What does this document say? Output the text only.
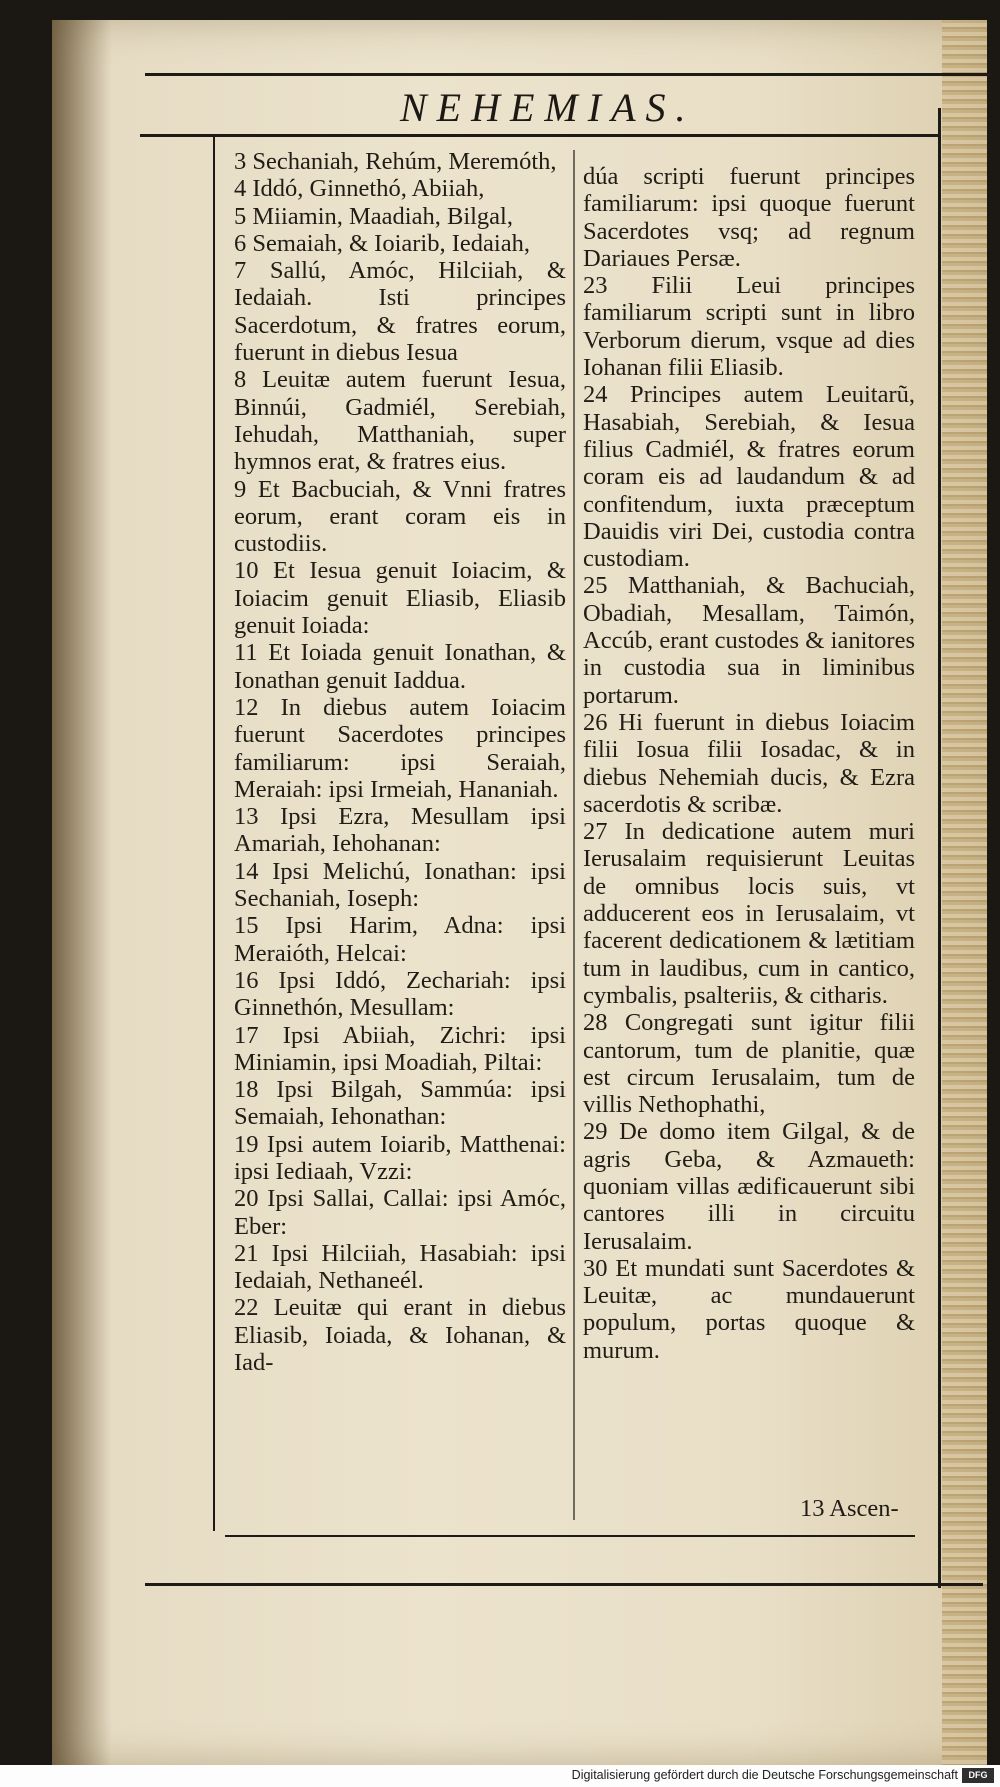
NEHEMIAS.

3 Sechaniah, Rehúm, Meremóth,

4 Iddó, Ginnethó, Abiiah,

5 Miiamin, Maadiah, Bilgal,

6 Semaiah, & Ioiarib, Iedaiah,

7 Sallú, Amóc, Hilciiah, & Iedaiah. Isti principes Sacerdotum, & fratres eorum, fuerunt in diebus Iesua

8 Leuitæ autem fuerunt Iesua, Binnúi, Gadmiél, Serebiah, Iehudah, Matthaniah, super hymnos erat, & fratres eius.

9 Et Bacbuciah, & Vnni fratres eorum, erant coram eis in custodiis.

10 Et Iesua genuit Ioiacim, & Ioiacim genuit Eliasib, Eliasib genuit Ioiada:

11 Et Ioiada genuit Ionathan, & Ionathan genuit Iaddua.

12 In diebus autem Ioiacim fuerunt Sacerdotes principes familiarum: ipsi Seraiah, Meraiah: ipsi Irmeiah, Hananiah.

13 Ipsi Ezra, Mesullam ipsi Amariah, Iehohanan:

14 Ipsi Melichú, Ionathan: ipsi Sechaniah, Ioseph:

15 Ipsi Harim, Adna: ipsi Meraióth, Helcai:

16 Ipsi Iddó, Zechariah: ipsi Ginnethón, Mesullam:

17 Ipsi Abiiah, Zichri: ipsi Miniamin, ipsi Moadiah, Piltai:

18 Ipsi Bilgah, Sammúa: ipsi Semaiah, Iehonathan:

19 Ipsi autem Ioiarib, Matthenai: ipsi Iediaah, Vzzi:

20 Ipsi Sallai, Callai: ipsi Amóc, Eber:

21 Ipsi Hilciiah, Hasabiah: ipsi Iedaiah, Nethaneél.

22 Leuitæ qui erant in diebus Eliasib, Ioiada, & Iohanan, & Iad-

dúa scripti fuerunt principes familiarum: ipsi quoque fuerunt Sacerdotes vsq; ad regnum Dariaues Persæ.

23 Filii Leui principes familiarum scripti sunt in libro Verborum dierum, vsque ad dies Iohanan filii Eliasib.

24 Principes autem Leuitarũ, Hasabiah, Serebiah, & Iesua filius Cadmiél, & fratres eorum coram eis ad laudandum & ad confitendum, iuxta præceptum Dauidis viri Dei, custodia contra custodiam.

25 Matthaniah, & Bachuciah, Obadiah, Mesallam, Taimón, Accúb, erant custodes & ianitores in custodia sua in liminibus portarum.

26 Hi fuerunt in diebus Ioiacim filii Iosua filii Iosadac, & in diebus Nehemiah ducis, & Ezra sacerdotis & scribæ.

27 In dedicatione autem muri Ierusalaim requisierunt Leuitas de omnibus locis suis, vt adducerent eos in Ierusalaim, vt facerent dedicationem & lætitiam tum in laudibus, cum in cantico, cymbalis, psalteriis, & citharis.

28 Congregati sunt igitur filii cantorum, tum de planitie, quæ est circum Ierusalaim, tum de villis Nethophathi,

29 De domo item Gilgal, & de agris Geba, & Azmaueth: quoniam villas ædificauerunt sibi cantores illi in circuitu Ierusalaim.

30 Et mundati sunt Sacerdotes & Leuitæ, ac mundauerunt populum, portas quoque & murum.

13 Ascen-
Digitalisierung gefördert durch die Deutsche Forschungsgemeinschaft	DFG
